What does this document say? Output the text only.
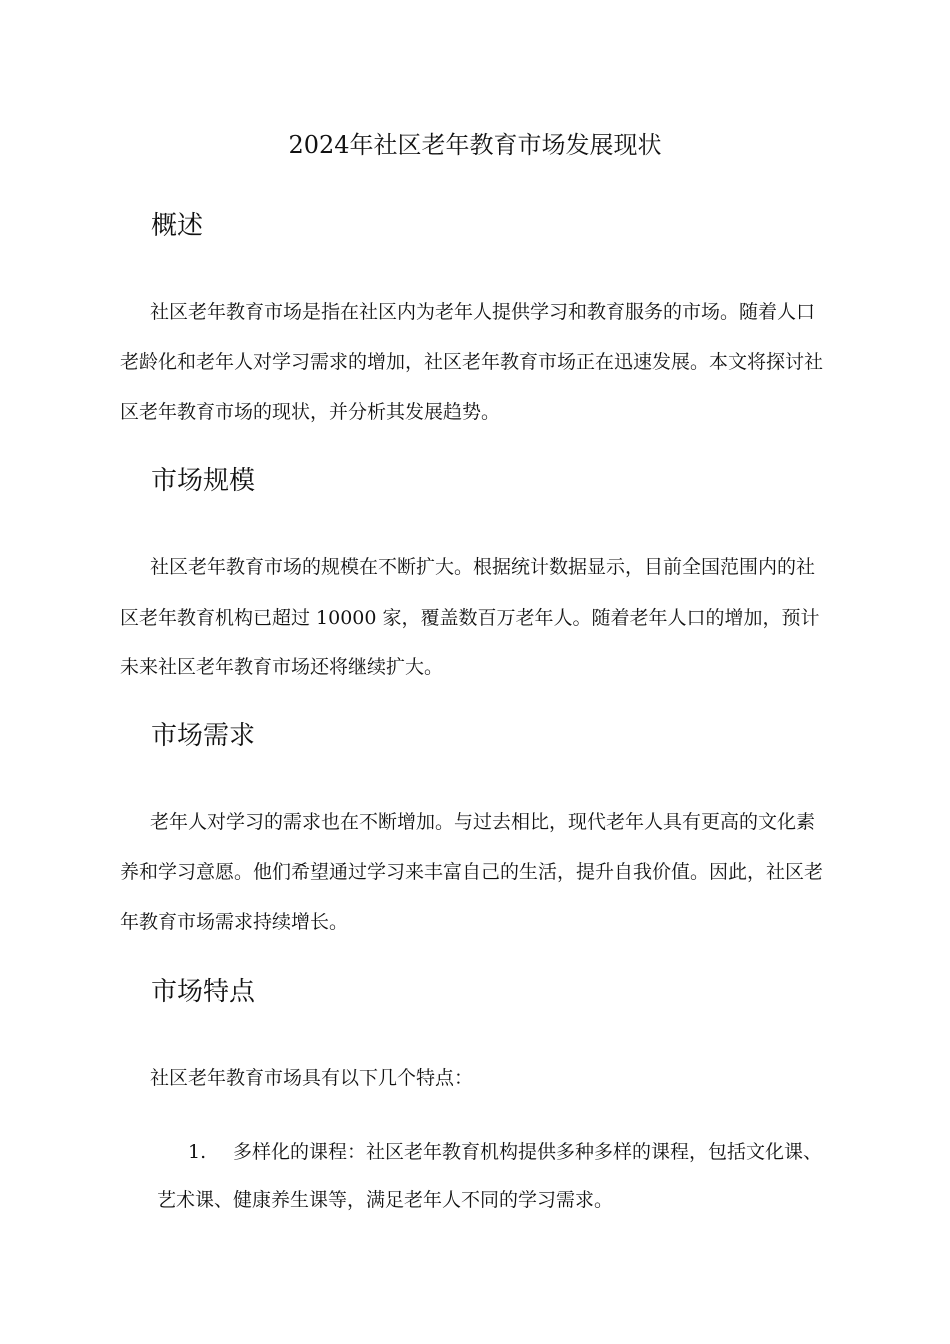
2024年社区老年教育市场发展现状
概述
社区老年教育市场是指在社区内为老年人提供学习和教育服务的市场。随着人口
老龄化和老年人对学习需求的增加，社区老年教育市场正在迅速发展。本文将探讨社
区老年教育市场的现状，并分析其发展趋势。
市场规模
社区老年教育市场的规模在不断扩大。根据统计数据显示，目前全国范围内的社
区老年教育机构已超过 10000 家，覆盖数百万老年人。随着老年人口的增加，预计
未来社区老年教育市场还将继续扩大。
市场需求
老年人对学习的需求也在不断增加。与过去相比，现代老年人具有更高的文化素
养和学习意愿。他们希望通过学习来丰富自己的生活，提升自我价值。因此，社区老
年教育市场需求持续增长。
市场特点
社区老年教育市场具有以下几个特点：
1. 多样化的课程：社区老年教育机构提供多种多样的课程，包括文化课、
艺术课、健康养生课等，满足老年人不同的学习需求。
